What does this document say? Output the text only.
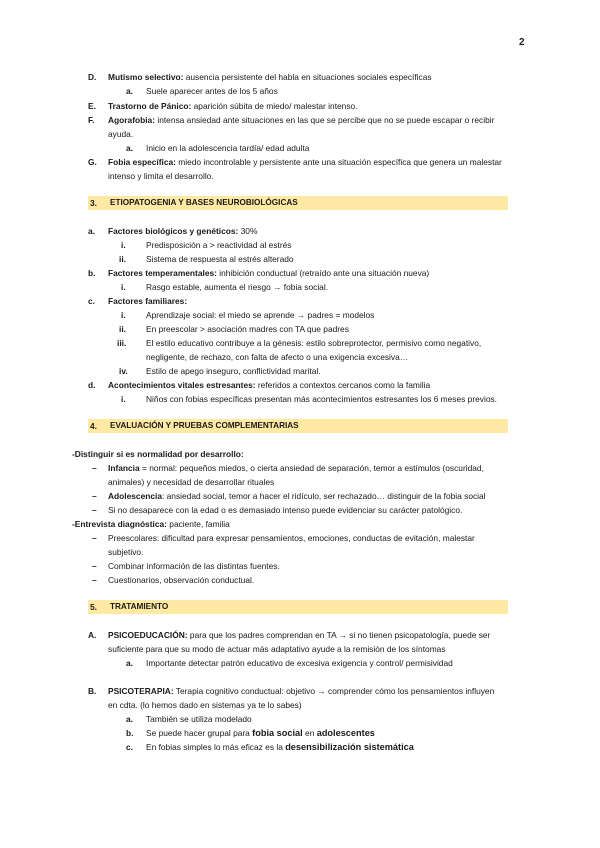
2
D. Mutismo selectivo: ausencia persistente del habla en situaciones sociales específicas
a. Suele aparecer antes de los 5 años
E. Trastorno de Pánico: aparición súbita de miedo/ malestar intenso.
F. Agorafobia: intensa ansiedad ante situaciones en las que se percibe que no se puede escapar o recibir
ayuda.
a. Inicio en la adolescencia tardía/ edad adulta
G. Fobia específica: miedo incontrolable y persistente ante una situación específica que genera un malestar
intenso y limita el desarrollo.
3. ETIOPATOGENIA Y BASES NEUROBIOLÓGICAS
a. Factores biológicos y genéticos: 30%
i. Predisposición a > reactividad al estrés
ii. Sistema de respuesta al estrés alterado
b. Factores temperamentales: inhibición conductual (retraído ante una situación nueva)
i. Rasgo estable, aumenta el riesgo → fobia social.
c. Factores familiares:
i. Aprendizaje social: el miedo se aprende → padres = modelos
ii. En preescolar > asociación madres con TA que padres
iii. El estilo educativo contribuye a la génesis: estilo sobreprotector, permisivo como negativo,
negligente, de rechazo, con falta de afecto o una exigencia excesiva…
iv. Estilo de apego inseguro, conflictividad marital.
d. Acontecimientos vitales estresantes: referidos a contextos cercanos como la familia
i. Niños con fobias específicas presentan más acontecimientos estresantes los 6 meses previos.
4. EVALUACIÓN Y PRUEBAS COMPLEMENTARIAS
-Distinguir si es normalidad por desarrollo:
– Infancia = normal: pequeños miedos, o cierta ansiedad de separación, temor a estímulos (oscuridad,
animales) y necesidad de desarrollar rituales
– Adolescencia: ansiedad social, temor a hacer el ridículo, ser rechazado… distinguir de la fobia social
– Si no desaparece con la edad o es demasiado intenso puede evidenciar su carácter patológico.
-Entrevista diagnóstica: paciente, familia
– Preescolares: dificultad para expresar pensamientos, emociones, conductas de evitación, malestar
subjetivo.
– Combinar información de las distintas fuentes.
– Cuestionarios, observación conductual.
5. TRATAMIENTO
A. PSICOEDUCACIÓN: para que los padres comprendan en TA → si no tienen psicopatología, puede ser
suficiente para que su modo de actuar más adaptativo ayude a la remisión de los síntomas
a. Importante detectar patrón educativo de excesiva exigencia y control/ permisividad
B. PSICOTERAPIA: Terapia cognitivo conductual: objetivo → comprender cómo los pensamientos influyen
en cdta. (lo hemos dado en sistemas ya te lo sabes)
a. También se utiliza modelado
b. Se puede hacer grupal para fobia social en adolescentes
c. En fobias simples lo más eficaz es la desensibilización sistemática
